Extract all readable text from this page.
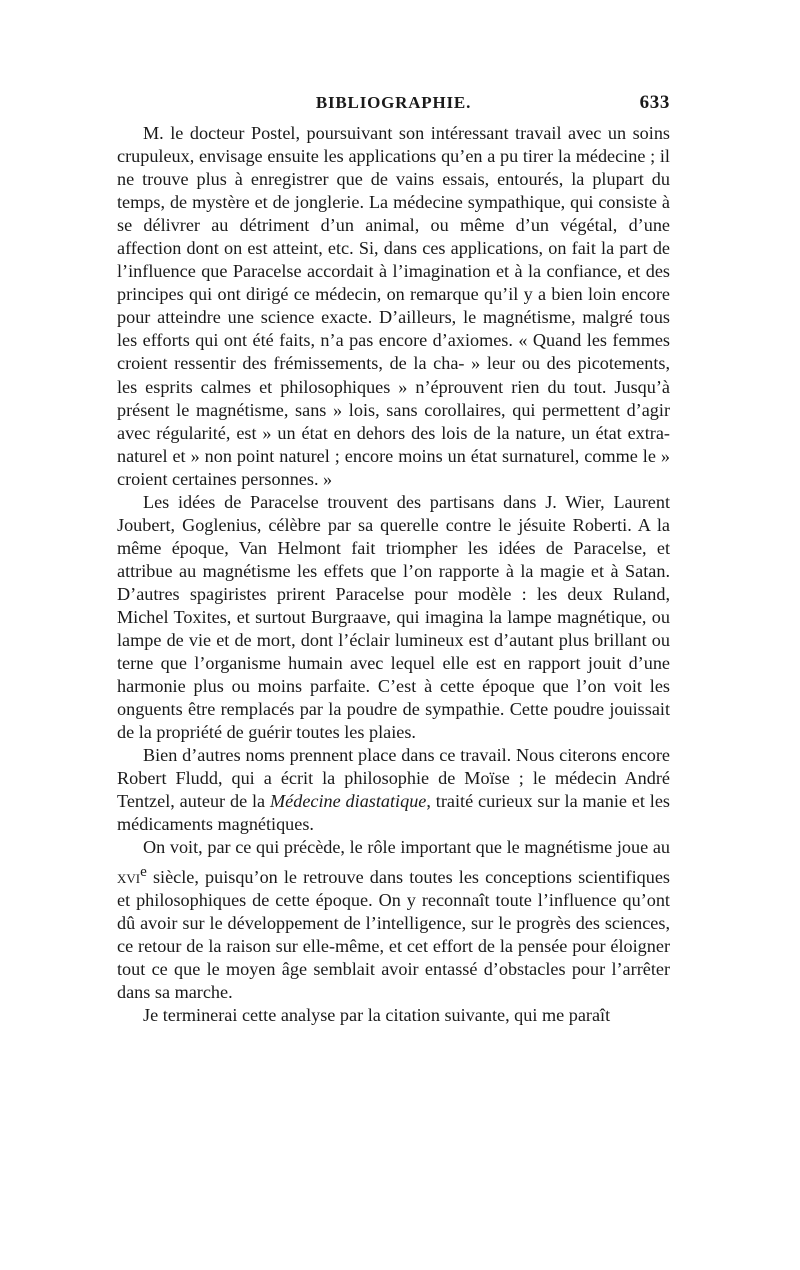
BIBLIOGRAPHIE.	633

M. le docteur Postel, poursuivant son intéressant travail avec un soins crupuleux, envisage ensuite les applications qu’en a pu tirer la médecine ; il ne trouve plus à enregistrer que de vains essais, entourés, la plupart du temps, de mystère et de jonglerie. La médecine sympathique, qui consiste à se délivrer au détriment d’un animal, ou même d’un végétal, d’une affection dont on est atteint, etc. Si, dans ces applications, on fait la part de l’influence que Paracelse accordait à l’imagination et à la confiance, et des principes qui ont dirigé ce médecin, on remarque qu’il y a bien loin encore pour atteindre une science exacte. D’ailleurs, le magnétisme, malgré tous les efforts qui ont été faits, n’a pas encore d’axiomes. « Quand les femmes croient ressentir des frémissements, de la cha- » leur ou des picotements, les esprits calmes et philosophiques » n’éprouvent rien du tout. Jusqu’à présent le magnétisme, sans » lois, sans corollaires, qui permettent d’agir avec régularité, est » un état en dehors des lois de la nature, un état extra-naturel et » non point naturel ; encore moins un état surnaturel, comme le » croient certaines personnes. »

Les idées de Paracelse trouvent des partisans dans J. Wier, Laurent Joubert, Goglenius, célèbre par sa querelle contre le jésuite Roberti. A la même époque, Van Helmont fait triompher les idées de Paracelse, et attribue au magnétisme les effets que l’on rapporte à la magie et à Satan. D’autres spagiristes prirent Paracelse pour modèle : les deux Ruland, Michel Toxites, et surtout Burgraave, qui imagina la lampe magnétique, ou lampe de vie et de mort, dont l’éclair lumineux est d’autant plus brillant ou terne que l’organisme humain avec lequel elle est en rapport jouit d’une harmonie plus ou moins parfaite. C’est à cette époque que l’on voit les onguents être remplacés par la poudre de sympathie. Cette poudre jouissait de la propriété de guérir toutes les plaies.

Bien d’autres noms prennent place dans ce travail. Nous citerons encore Robert Fludd, qui a écrit la philosophie de Moïse ; le médecin André Tentzel, auteur de la Médecine diastatique, traité curieux sur la manie et les médicaments magnétiques.

On voit, par ce qui précède, le rôle important que le magnétisme joue au xvi$^e$ siècle, puisqu’on le retrouve dans toutes les conceptions scientifiques et philosophiques de cette époque. On y reconnaît toute l’influence qu’ont dû avoir sur le développement de l’intelligence, sur le progrès des sciences, ce retour de la raison sur elle-même, et cet effort de la pensée pour éloigner tout ce que le moyen âge semblait avoir entassé d’obstacles pour l’arrêter dans sa marche.

Je terminerai cette analyse par la citation suivante, qui me paraît
